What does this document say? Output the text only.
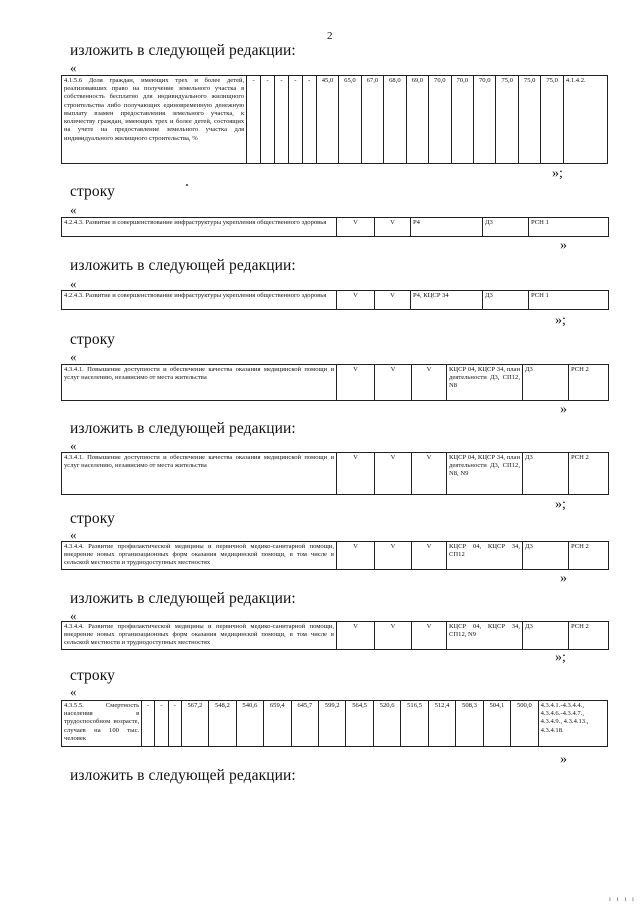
2
изложить в следующей редакции:
«
4.1.5.6 Доля граждан, имеющих трех и более детей, реализовавших право на получение земельного участка в собственность бесплатно для индивидуального жилищного строительства либо получающих единовременную денежную выплату взамен предоставления земельного участка, к количеству граждан, имеющих трех и более детей, состоящих на учете на предоставление земельного участка для индивидуального жилищного строительства, %	-	-	-	-	-	45,0	65,0	67,0	68,0	69,0	70,0	70,0	70,0	75,0	75,0	75,0	4.1.4.2.
»;
строку
«
4.2.4.3. Развитие и совершенствование инфраструктуры укрепления общественного здоровья	V	V	Р4	Д3	РСН 1
»
изложить в следующей редакции:
«
4.2.4.3. Развитие и совершенствование инфраструктуры укрепления общественного здоровья	V	V	Р4, КЦСР 34	Д3	РСН 1
»;
строку
«
4.3.4.1. Повышение доступности и обеспечение качества оказания медицинской помощи и услуг населению, независимо от места жительства	V	V	V	КЦСР 04, КЦСР 34, план деятельности Д3, СП12, N8	Д3	РСН 2
»
изложить в следующей редакции:
«
4.3.4.1. Повышение доступности и обеспечение качества оказания медицинской помощи и услуг населению, независимо от места жительства	V	V	V	КЦСР 04, КЦСР 34, план деятельности Д3, СП12, N8, N9	Д3	РСН 2
»;
строку
«
4.3.4.4. Развитие профилактической медицины и первичной медико-санитарной помощи, внедрение новых организационных форм оказания медицинской помощи, в том числе в сельской местности и труднодоступных местностях	V	V	V	КЦСР 04, КЦСР 34, СП12	Д3	РСН 2
»
изложить в следующей редакции:
«
4.3.4.4. Развитие профилактической медицины и первичной медико-санитарной помощи, внедрение новых организационных форм оказания медицинской помощи, в том числе в сельской местности и труднодоступных местностях	V	V	V	КЦСР 04, КЦСР 34, СП12, N9	Д3	РСН 2
»;
строку
«
4.3.5.5. Смертность населения в трудоспособном возрасте, случаев на 100 тыс. человек	-	-	-	567,2	548,2	540,6	659,4	645,7	599,2	564,5	520,6	516,5	512,4	508,3	504,1	500,0	4.3.4.1.-4.3.4.4., 4.3.4.6.-4.3.4.7., 4.3.4.9., 4.3.4.13., 4.3.4.18.
»
изложить в следующей редакции:
ı ı ı ı
